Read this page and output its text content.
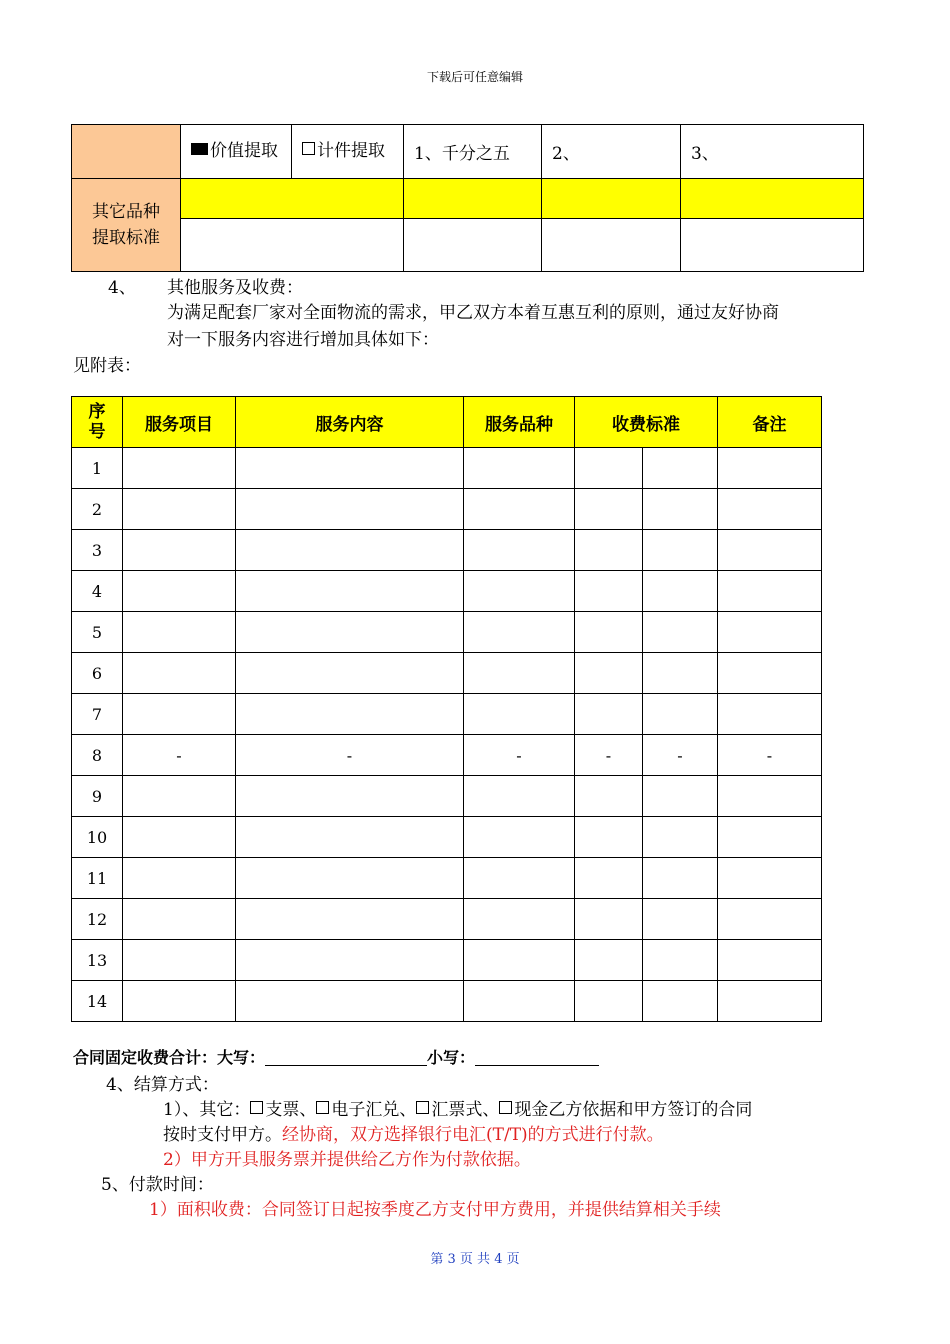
下载后可任意编辑
	价值提取	计件提取	1、千分之五	2、	3、

其它品种提取标准					

4、 其他服务及收费：
为满足配套厂家对全面物流的需求，甲乙双方本着互惠互利的原则，通过友好协商
对一下服务内容进行增加具体如下：
见附表：
序号	服务项目	服务内容	服务品种	收费标准		备注
1						
2						
3						
4						
5						
6						
7						
8	-	-	-	-	-	-
9						
10						
11						
12						
13						
14						
合同固定收费合计：大写：	小写：
4、结算方式：
1）、其它： 支票、 电子汇兑、 汇票式、 现金乙方依据和甲方签订的合同
按时支付甲方。经协商，双方选择银行电汇(T/T)的方式进行付款。
2）甲方开具服务票并提供给乙方作为付款依据。
5、付款时间：
1）面积收费：合同签订日起按季度乙方支付甲方费用，并提供结算相关手续
第 3 页 共 4 页
